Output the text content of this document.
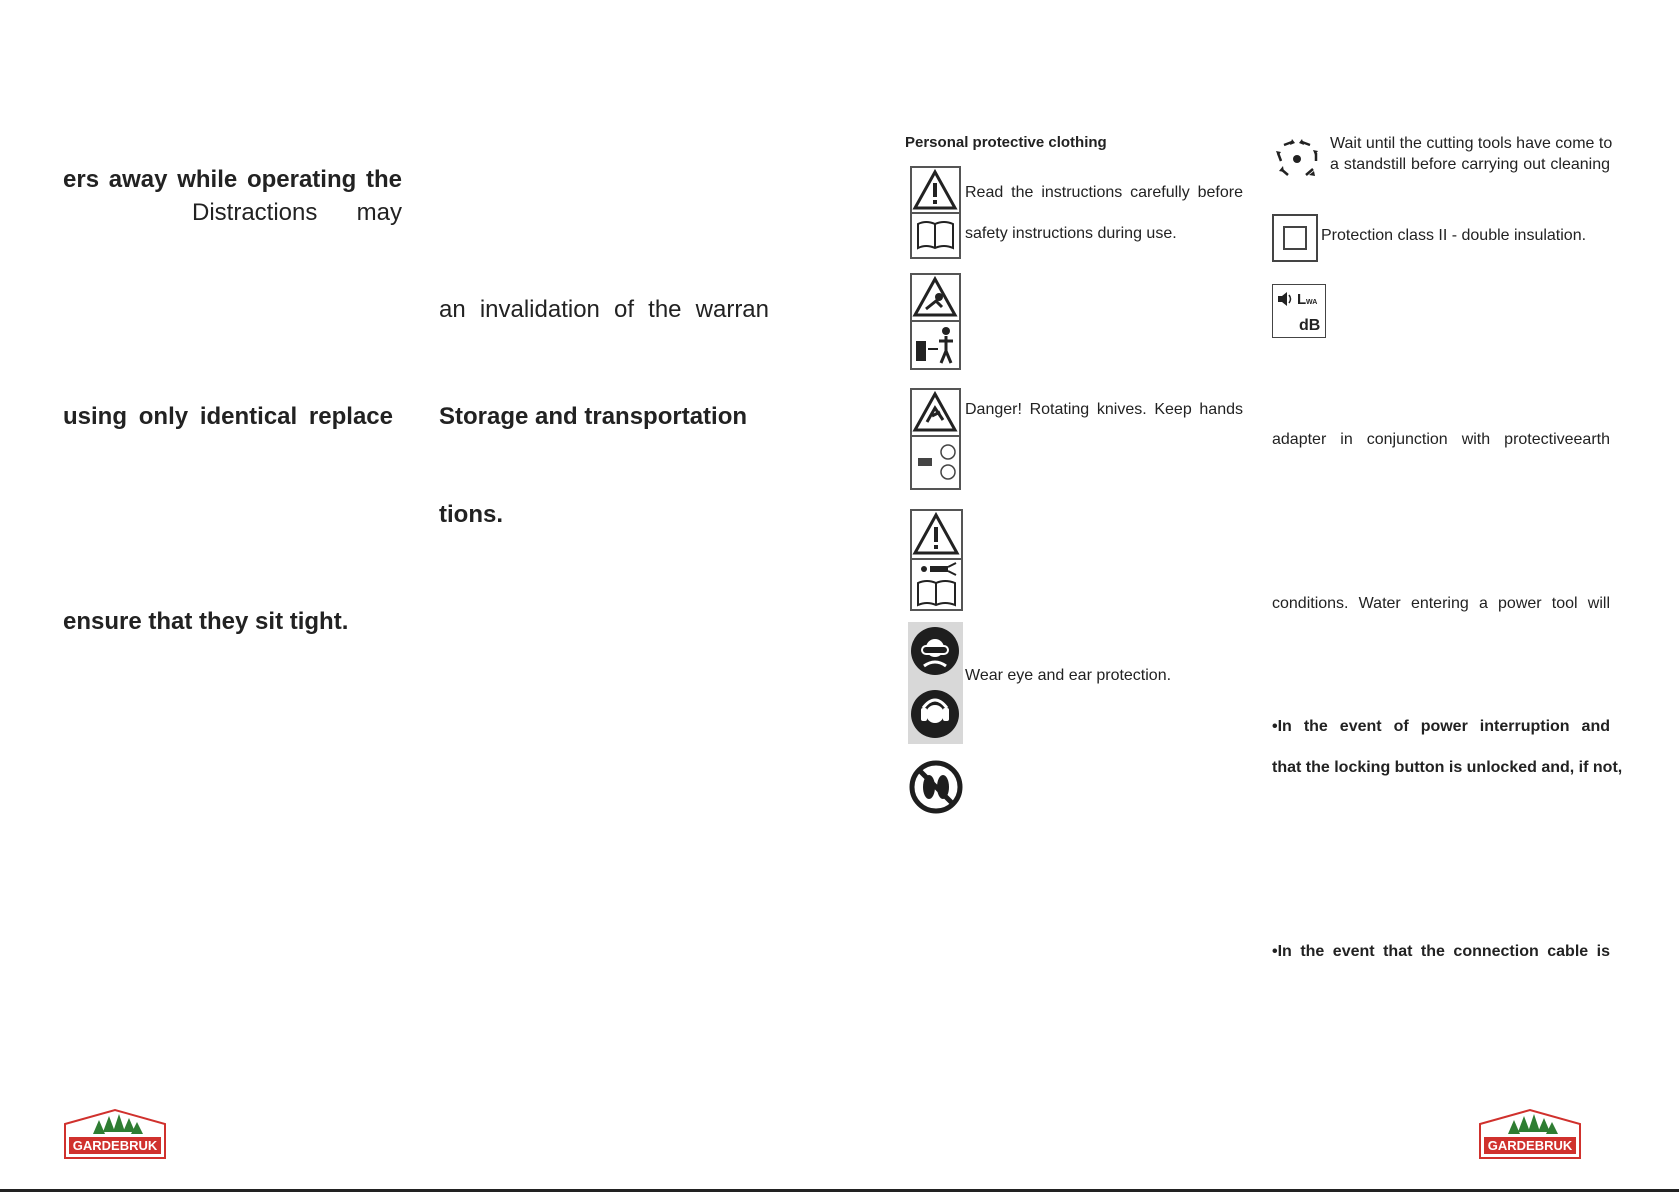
ers away while operating the
Distractions may
an invalidation of the warran
using only identical replace Storage and transportation
tions.
ensure that they sit tight.
GARDEBRUK
Personal protective clothing
Read the instructions carefully before
safety instructions during use.
Danger! Rotating knives. Keep hands
Wear eye and ear protection.
Wait until the cutting tools have come to
a standstill before carrying out cleaning
Protection class II - double insulation.
L WA
dB
adapter in conjunction with protectiveearth
conditions. Water entering a power tool will
•In the event of power interruption and
that the locking button is unlocked and, if not,
•In the event that the connection cable is
GARDEBRUK
